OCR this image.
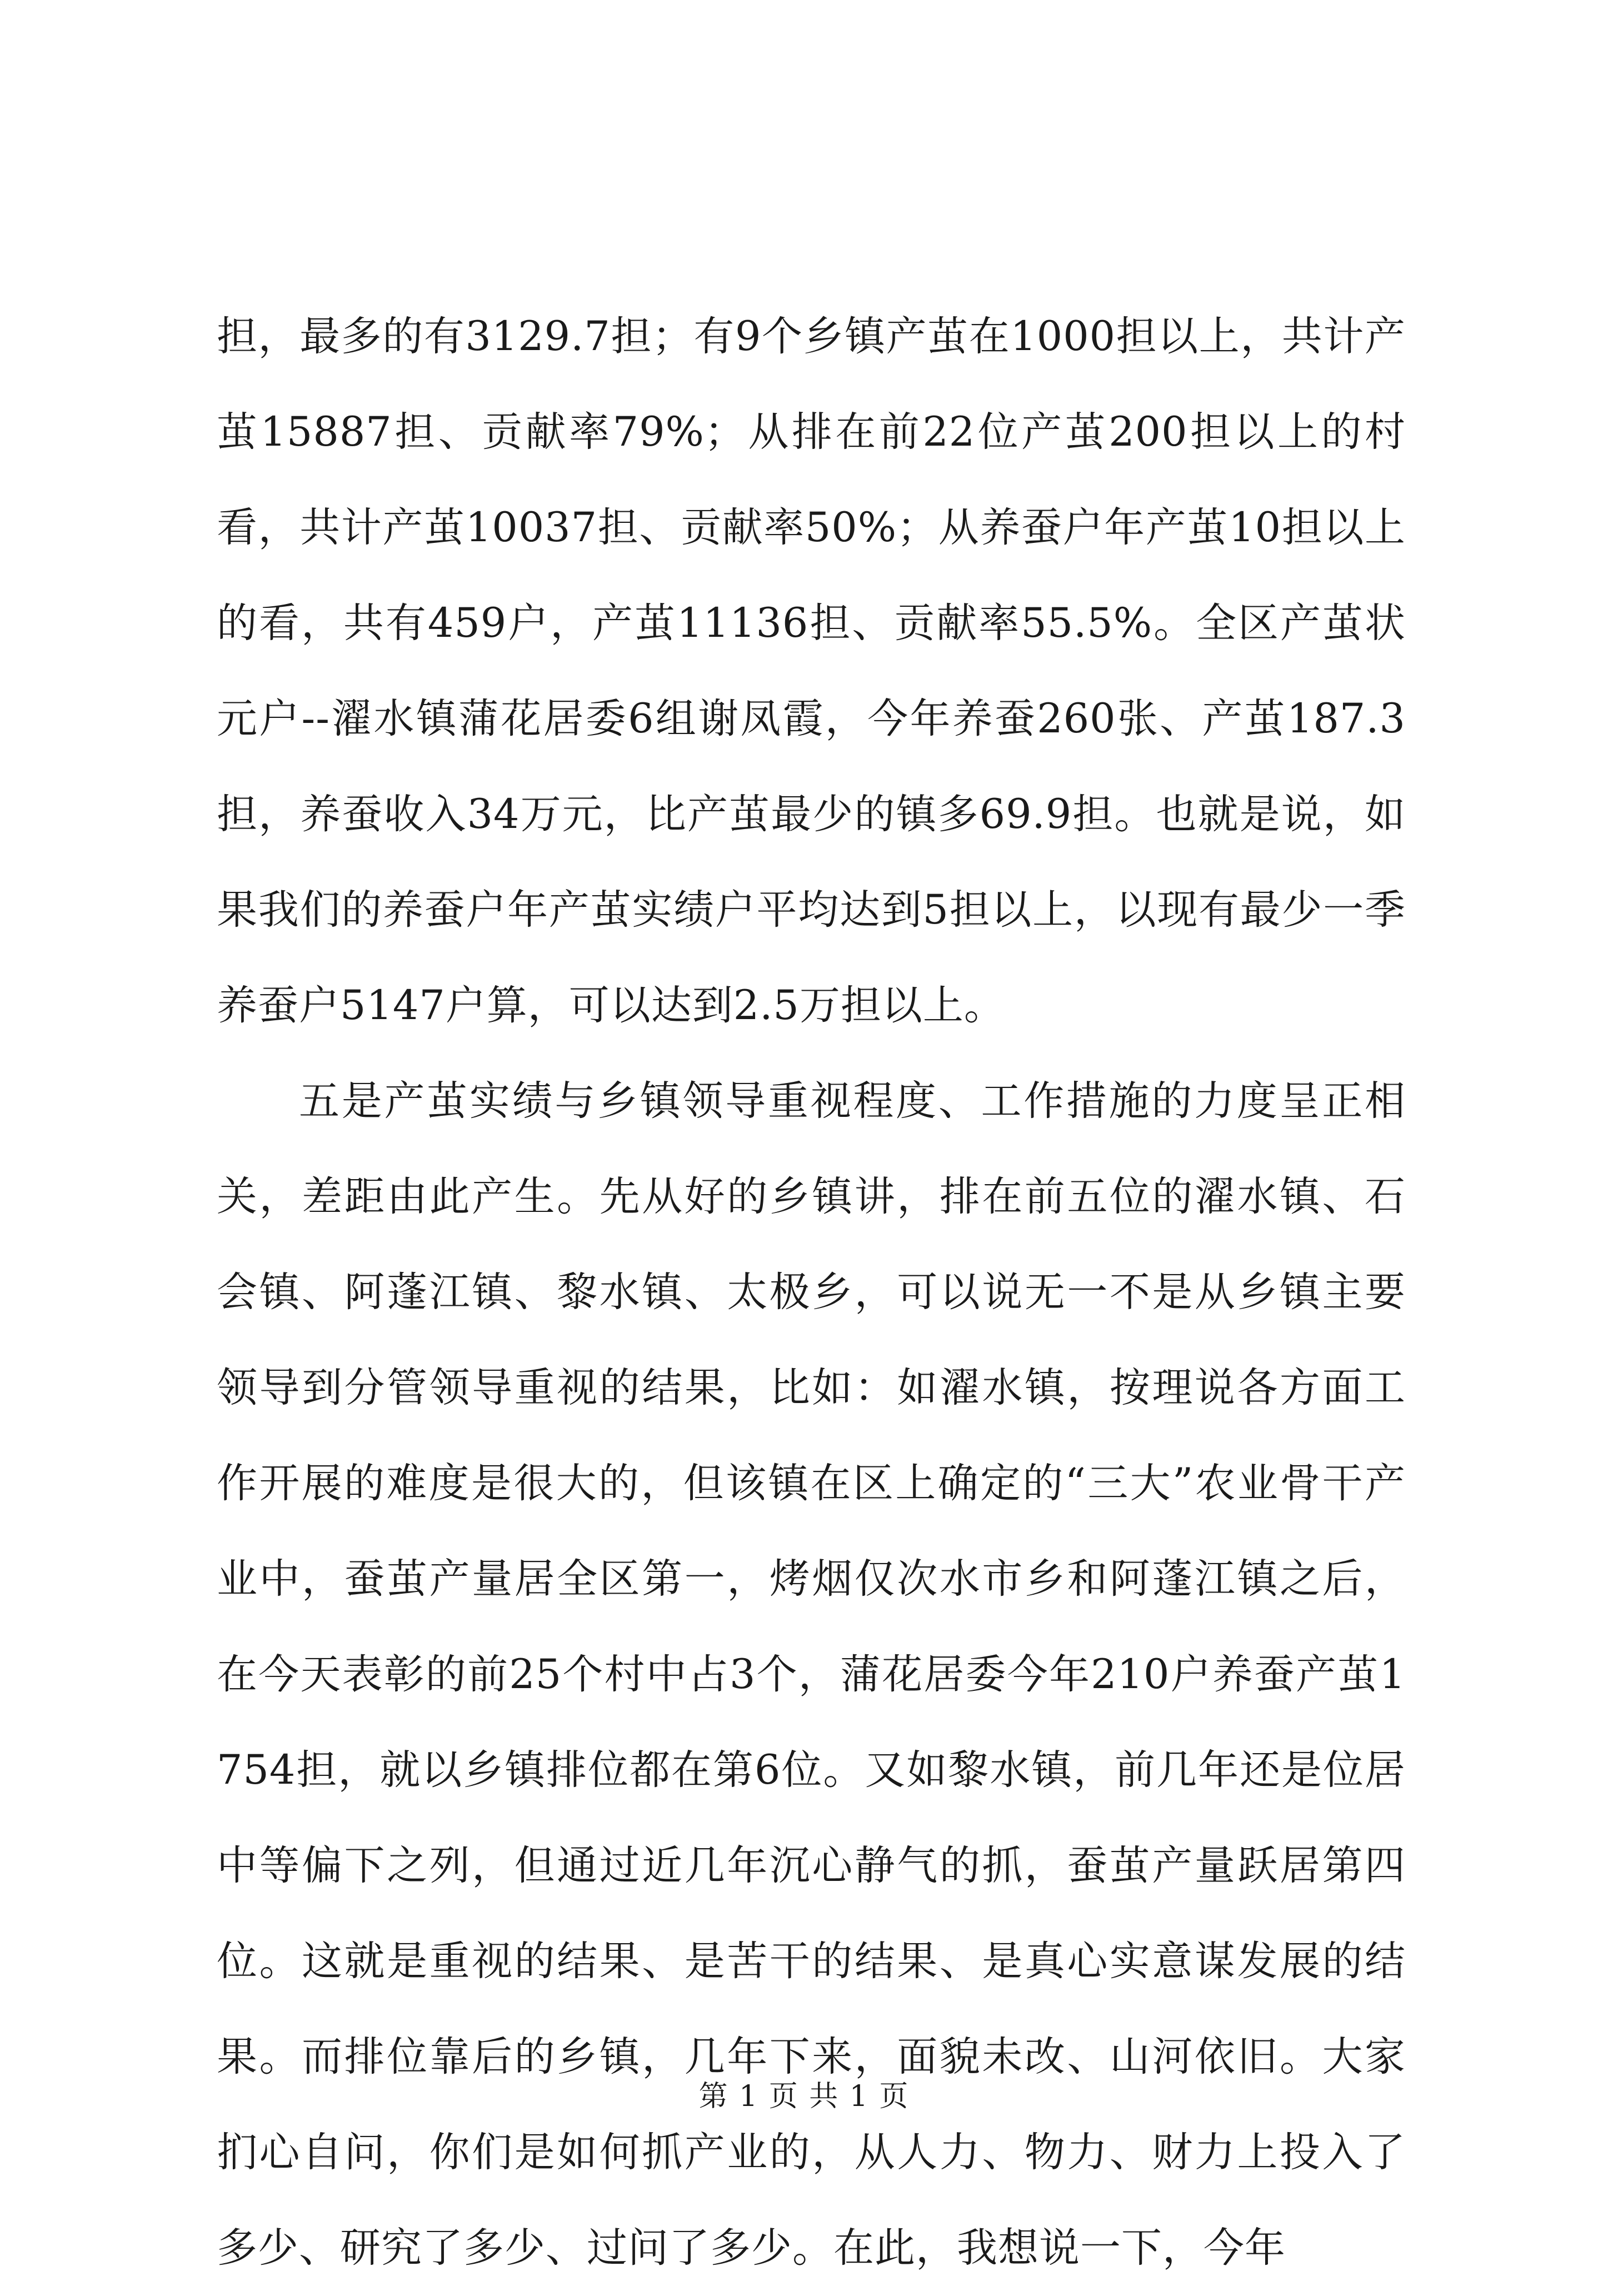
担，最多的有3129.7担；有9个乡镇产茧在1000担以上，共计产茧15887担、贡献率79%；从排在前22位产茧200担以上的村看，共计产茧10037担、贡献率50%；从养蚕户年产茧10担以上的看，共有459户，产茧11136担、贡献率55.5%。全区产茧状元户--濯水镇蒲花居委6组谢凤霞，今年养蚕260张、产茧187.3担，养蚕收入34万元，比产茧最少的镇多69.9担。也就是说，如果我们的养蚕户年产茧实绩户平均达到5担以上，以现有最少一季养蚕户5147户算，可以达到2.5万担以上。

五是产茧实绩与乡镇领导重视程度、工作措施的力度呈正相关，差距由此产生。先从好的乡镇讲，排在前五位的濯水镇、石会镇、阿蓬江镇、黎水镇、太极乡，可以说无一不是从乡镇主要领导到分管领导重视的结果，比如：如濯水镇，按理说各方面工作开展的难度是很大的，但该镇在区上确定的“三大”农业骨干产业中，蚕茧产量居全区第一，烤烟仅次水市乡和阿蓬江镇之后，在今天表彰的前25个村中占3个，蒲花居委今年210户养蚕产茧1754担，就以乡镇排位都在第6位。又如黎水镇，前几年还是位居中等偏下之列，但通过近几年沉心静气的抓，蚕茧产量跃居第四位。这就是重视的结果、是苦干的结果、是真心实意谋发展的结果。而排位靠后的乡镇，几年下来，面貌未改、山河依旧。大家扪心自问，你们是如何抓产业的，从人力、物力、财力上投入了多少、研究了多少、过问了多少。在此，我想说一下，今年

第 1 页 共 1 页
